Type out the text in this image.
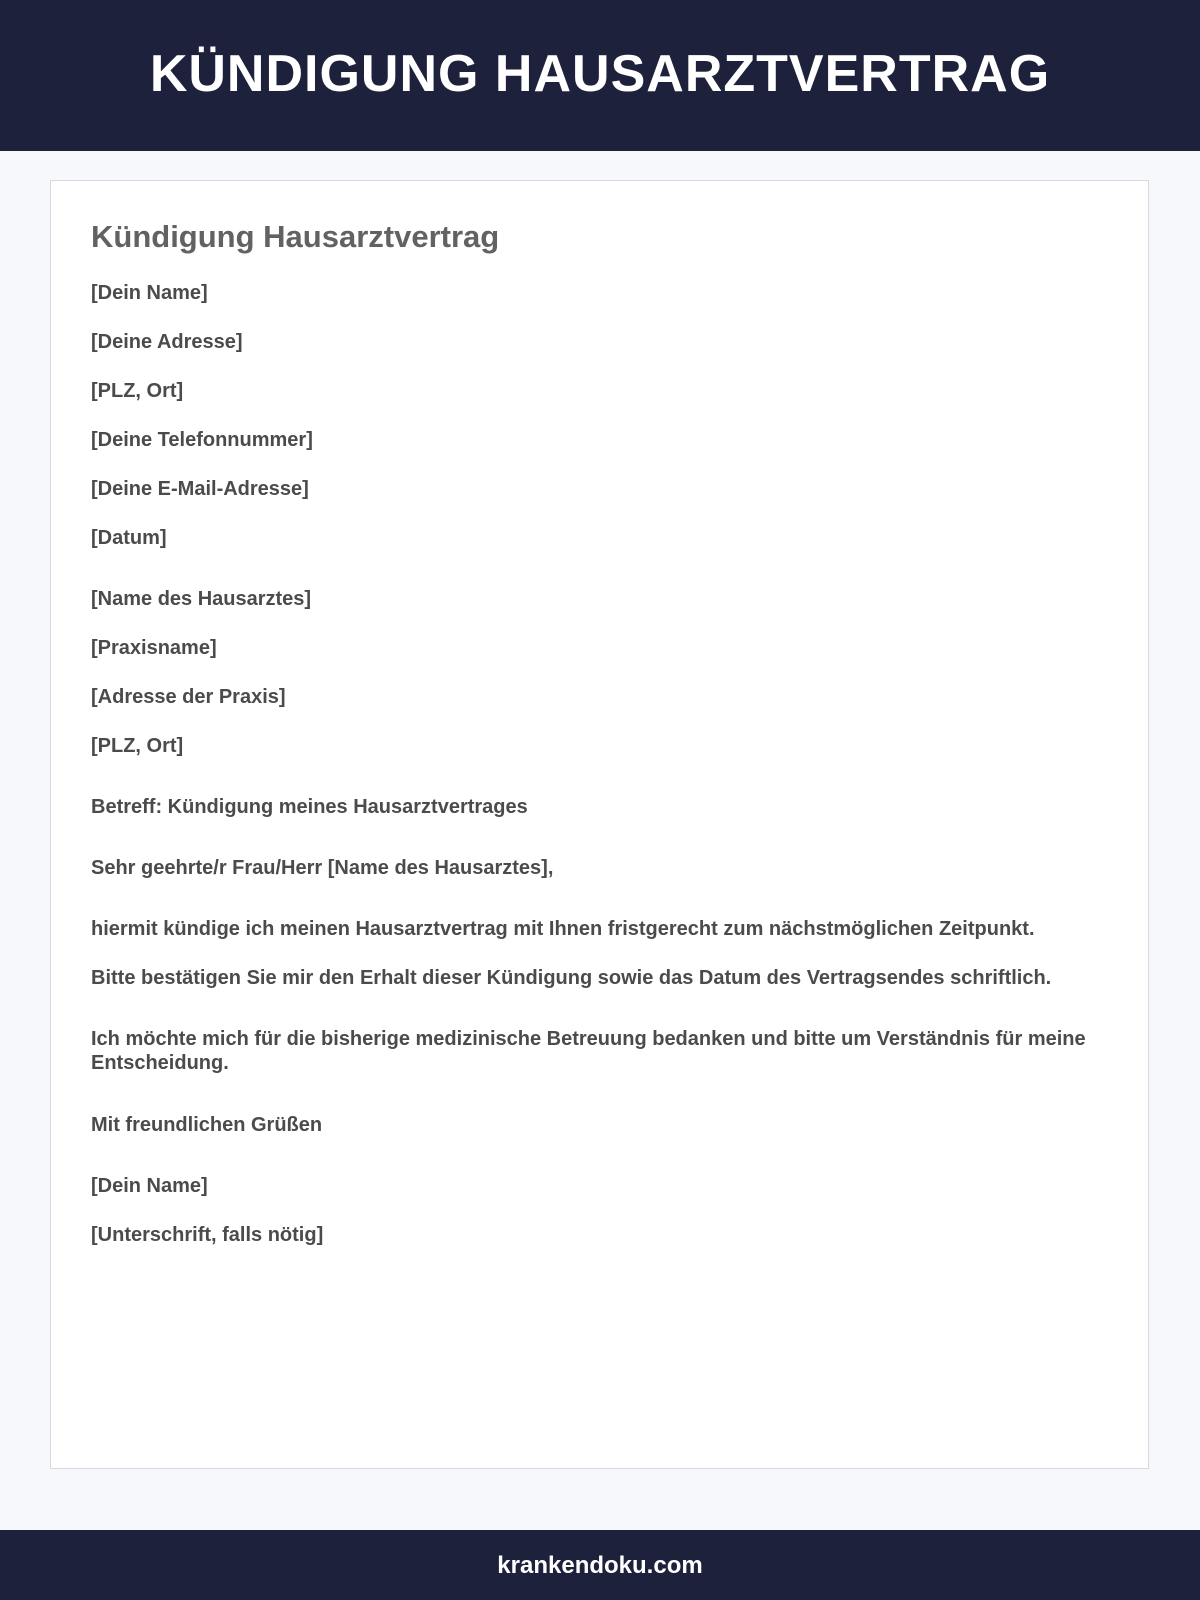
KÜNDIGUNG HAUSARZTVERTRAG
Kündigung Hausarztvertrag

[Dein Name]

[Deine Adresse]

[PLZ, Ort]

[Deine Telefonnummer]

[Deine E-Mail-Adresse]

[Datum]

[Name des Hausarztes]

[Praxisname]

[Adresse der Praxis]

[PLZ, Ort]

Betreff: Kündigung meines Hausarztvertrages

Sehr geehrte/r Frau/Herr [Name des Hausarztes],

hiermit kündige ich meinen Hausarztvertrag mit Ihnen fristgerecht zum nächstmöglichen Zeitpunkt.

Bitte bestätigen Sie mir den Erhalt dieser Kündigung sowie das Datum des Vertragsendes schriftlich.

Ich möchte mich für die bisherige medizinische Betreuung bedanken und bitte um Verständnis für meine Entscheidung.

Mit freundlichen Grüßen

[Dein Name]

[Unterschrift, falls nötig]

krankendoku.com
